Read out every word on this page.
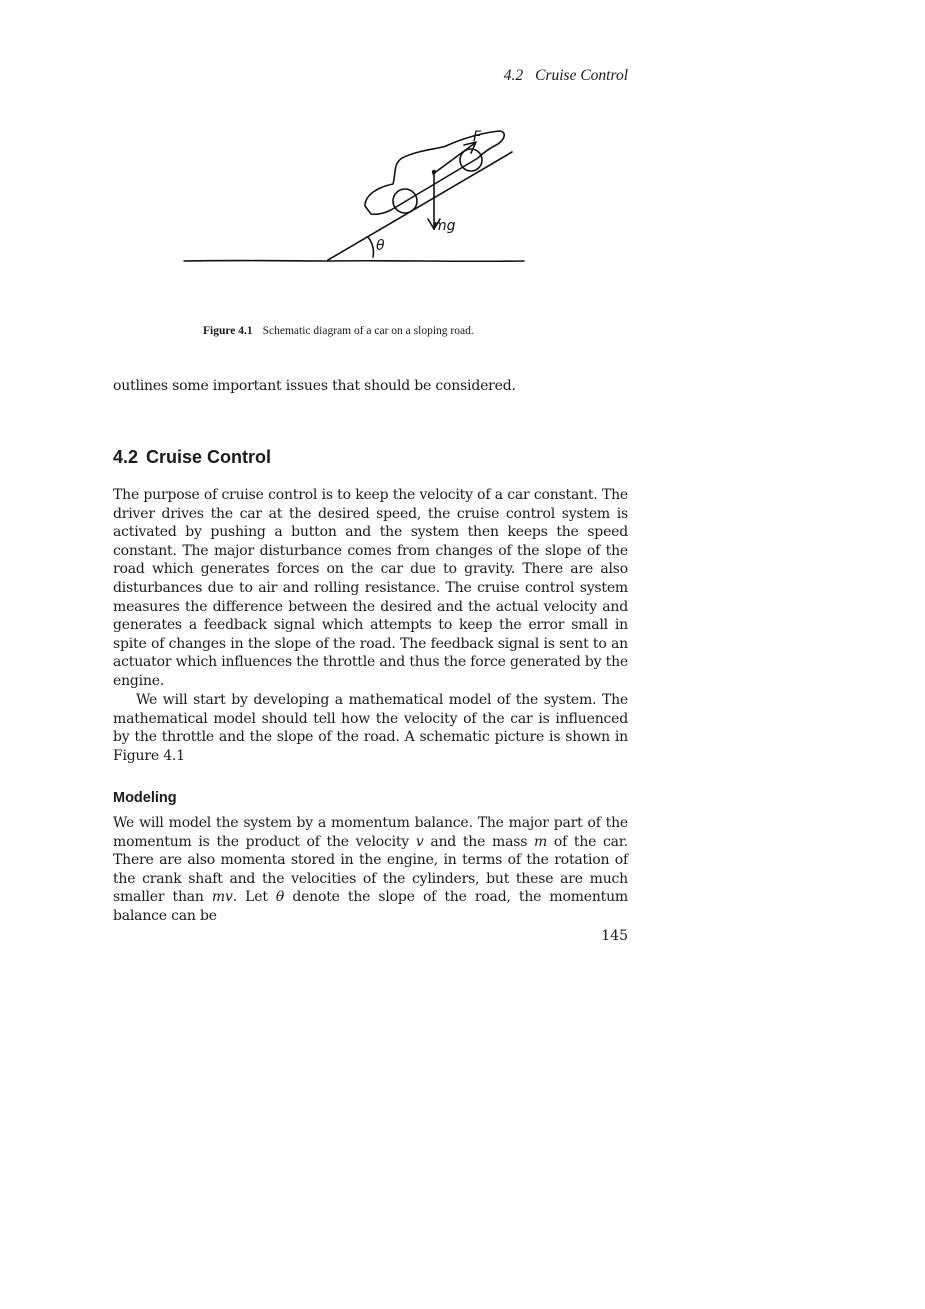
4.2 Cruise Control
F
mg
θ
Figure 4.1 Schematic diagram of a car on a sloping road.

outlines some important issues that should be considered.

4.2 Cruise Control

The purpose of cruise control is to keep the velocity of a car constant. The driver drives the car at the desired speed, the cruise control system is activated by pushing a button and the system then keeps the speed constant. The major disturbance comes from changes of the slope of the road which generates forces on the car due to gravity. There are also disturbances due to air and rolling resistance. The cruise control system measures the difference between the desired and the actual velocity and generates a feedback signal which attempts to keep the error small in spite of changes in the slope of the road. The feedback signal is sent to an actuator which influences the throttle and thus the force generated by the engine.

We will start by developing a mathematical model of the system. The mathematical model should tell how the velocity of the car is influenced by the throttle and the slope of the road. A schematic picture is shown in Figure 4.1

Modeling

We will model the system by a momentum balance. The major part of the momentum is the product of the velocity v and the mass m of the car. There are also momenta stored in the engine, in terms of the rotation of the crank shaft and the velocities of the cylinders, but these are much smaller than mv. Let θ denote the slope of the road, the momentum balance can be

145
